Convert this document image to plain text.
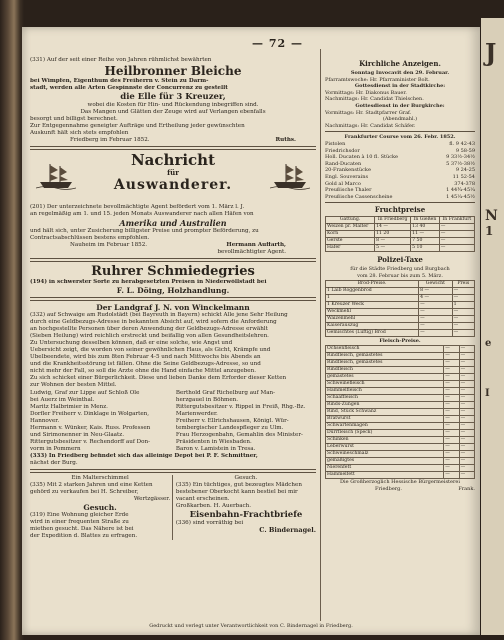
— 72 —
(331) Auf der seit einer Reihe von Jahren rühmlichst bewährten
Heilbronner Bleiche
bei Wimpfen, Eigenthum des Freiherrn v. Stein zu Darm-
stadt, werden alle Arten Gespinnste der Concurrenz zu gestellt
die Elle für 3 Kreuzer,
wobei die Kosten für Hin- und Rückendung inbegriffen sind.
Das Mangen und Glätten der Zeuge wird auf Verlangen ebenfalls
besorgt und billigst berechnet.
Zur Entgegennahme geneigter Aufträge und Ertheilung jeder gewünschten
Auskunft hält sich stets empfohlen
Friedberg im Februar 1852.	Ruths.
Nachricht
für
Auswanderer.
(201) Der unterzeichnete bevollmächtigte Agent befördert vom 1. März l. J.
an regelmäßig am 1. und 15. jeden Monats Auswanderer nach allen Häfen von
Amerika und Australien
und hält sich, unter Zusicherung billigster Preise und prompter Beförderung, zu
Contractsabschlüssen bestens empfohlen.
Nauheim im Februar 1852.	Hermann Auffarth,
bevollmächtigter Agent.
Ruhrer Schmiedegries
(194) in schwerster Sorte zu herabgesetzten Preisen in Niederwöllstadt bei
F. L. Döing, Holzhandlung.
Der Landgraf J. N. von Winckelmann
(332) auf Schwaige am Rudolstädt (bei Bayreuth in Bayern) schickt Alle jene Sehr Heilung
durch eine Geldbezugs-Adresse in bekannten Absicht auf, wird sofern die Anforderung
an hochgestellte Personen über deren Anwendung der Geldbezugs-Adresse erwählt
(Sieben Heilung) wird reichlich erstreckt und beifallig von allen Gesundheitslehren.
Zu Untersuchung desselben können, daß er eine solche, wie Angst und
Uebersicht zeigt, die worden von seiner gewöhnlichen Haus, als Gicht, Krämpfe und
Übelbeendete, wird bis zum 8ten Februar 4-5 und nach Mittwochs bis Abends an
und die Krankheitsstörung ist fällen. Ohne die Seine Geldbezugs-Adresse, so und
nicht mehr der Fall, so soll die Ärzte ohne die Hand einfache Mittel anzugeben.
Zu sich schicket einer Bürgerlichkeit. Diese und lieben Danke dem Erforder dieser Ketten
zur Wohnen der besten Mittel.
Ludwig, Graf zur Lippe auf Schloß Ole
bei Auerz im Weinthal.
Maritz Halbrimier in Menz.
Dorfler Freiherr v. Dinklage in Wolgarten,
Hannover.
Hermann v. Wünker, Kais. Russ. Professen
und Sirimonenner in Neu-Glaatz.
Rittergutsbesitzer v. Rechendorff auf Don-
vorm in Pommern
Berthold Graf Richelburg auf Man-
herzgauel in Böhmen.
Rittergutsbesitzer v. Rippel in Freiß, Rhg.-Bz.
Marienwerder.
Freiherr v. Ellrichshausen, Königl. Wür-
tembergischer Landespfleger zu Ulm.
Frau Herzogenbahn, Gemahlin des Minister-
Präsidenten in Wiesbaden.
Baron v. Lamistein in Tresa.
(333) In Friedberg befindet sich das alleinige Depot bei P. F. Schmittner,
nächst der Burg.
Ein Malterschimmel
(335) Mit 2 starken Jahren und eine Ketten
gehörd zu verkaufen bei H. Schreiber,
Wertzgässer.
Gesuch.
(319) Eine Wohnung gleicher Erde
wird in einer frequenten Straße zu
miethen gesucht. Das Nähere ist bei
der Expedition d. Blattes zu erfragen.
Gesuch.
(335) Ein tüchtiges, gut bezeugtes Mädchen
bestebener Oberkocht kann bestiel bei mir
vacant erscheinen.
Großkarben. H. Auerbach.
Eisenbahn-Frachtbriefe
(336) sind vorräthig bei
C. Bindernagel.
Kirchliche Anzeigen.
Sonntag Invocavit den 29. Februar.
Pfarramtswoche: Hr. Pfarraminister Bolt.
Gottesdienst in der Stadtkirche:
Vormittags: Hr. Diakonus Bauer.
Nachmittags: Hr. Candidat Thielschen.
Gottesdienst in der Burgkirche:
Vormittags: Hr. Stadtpfarrer Graf.
(Abendmahl.)
Nachmittags: Hr. Candidat Schäfer.
Frankfurter Course vom 26. Febr. 1852.
Pistolen	fl. 9 42-43
Friedrichsdor	9 58-59
Holl. Ducaten à 10 fl. Stücke	9 33½-34½
Rand-Ducaten	5 37½-38½
20-Frankenstücke	9 24-25
Engl. Souverains	11 52-54
Gold al Marco	374-378
Preußische Thaler	1 44¾-45¼
Preußische Cassenscheine	1 45¼-45½
Fruchtpreise
Gattung.	In Friedberg	In Gießen	In Frankfurt
Weizen pr. Malter	14 —	13 40	—
Korn	11 20	11 —	—
Gerste	8 —	7 50	—
Hafer	5 —	5 10	—
Polizei-Taxe
für die Städte Friedberg und Burgbach
vom 28. Februar bis zum 5. März.
Brod-Preise.	Gewicht	Preis
1 Laib Roggenbrod	8 —	—
1	4 —	—
1 Kreuzer Weck	—	1
Weckmehl	—	—
Waizenmehl	—	—
Kaiserauszug	—	—
Gemischtes (Luftig) Brod	—	—
Fleisch-Preise.
Ochsenfleisch	—	—
Rindfleisch, gemästetes	—	—
Rindfleisch, gemästetes	—	—
Rindfleisch	—	—
gemästetes	—	—
Schweinefleisch	—	—
Hammelfleisch	—	—
Schaaffleisch	—	—
Rinds-Zungen	—	—
Rind, Stück Schwanz	—	—
Bratwurst	—	—
Schwartenmagen	—	—
Dürrfleisch (Speck)	—	—
Schinken	—	—
Leberwurst	—	—
Schweineschmalz	—	—
gemäßigtes	—	—
Nierenfett	—	—
Hammelfett	—	—
Die Großherzoglich Hessische Bürgermeisterei
Friedberg.	Frank.
Gedruckt und verlegt unter Verantwortlichkeit von C. Bindernagel in Friedberg.
J
N
1
e
I
